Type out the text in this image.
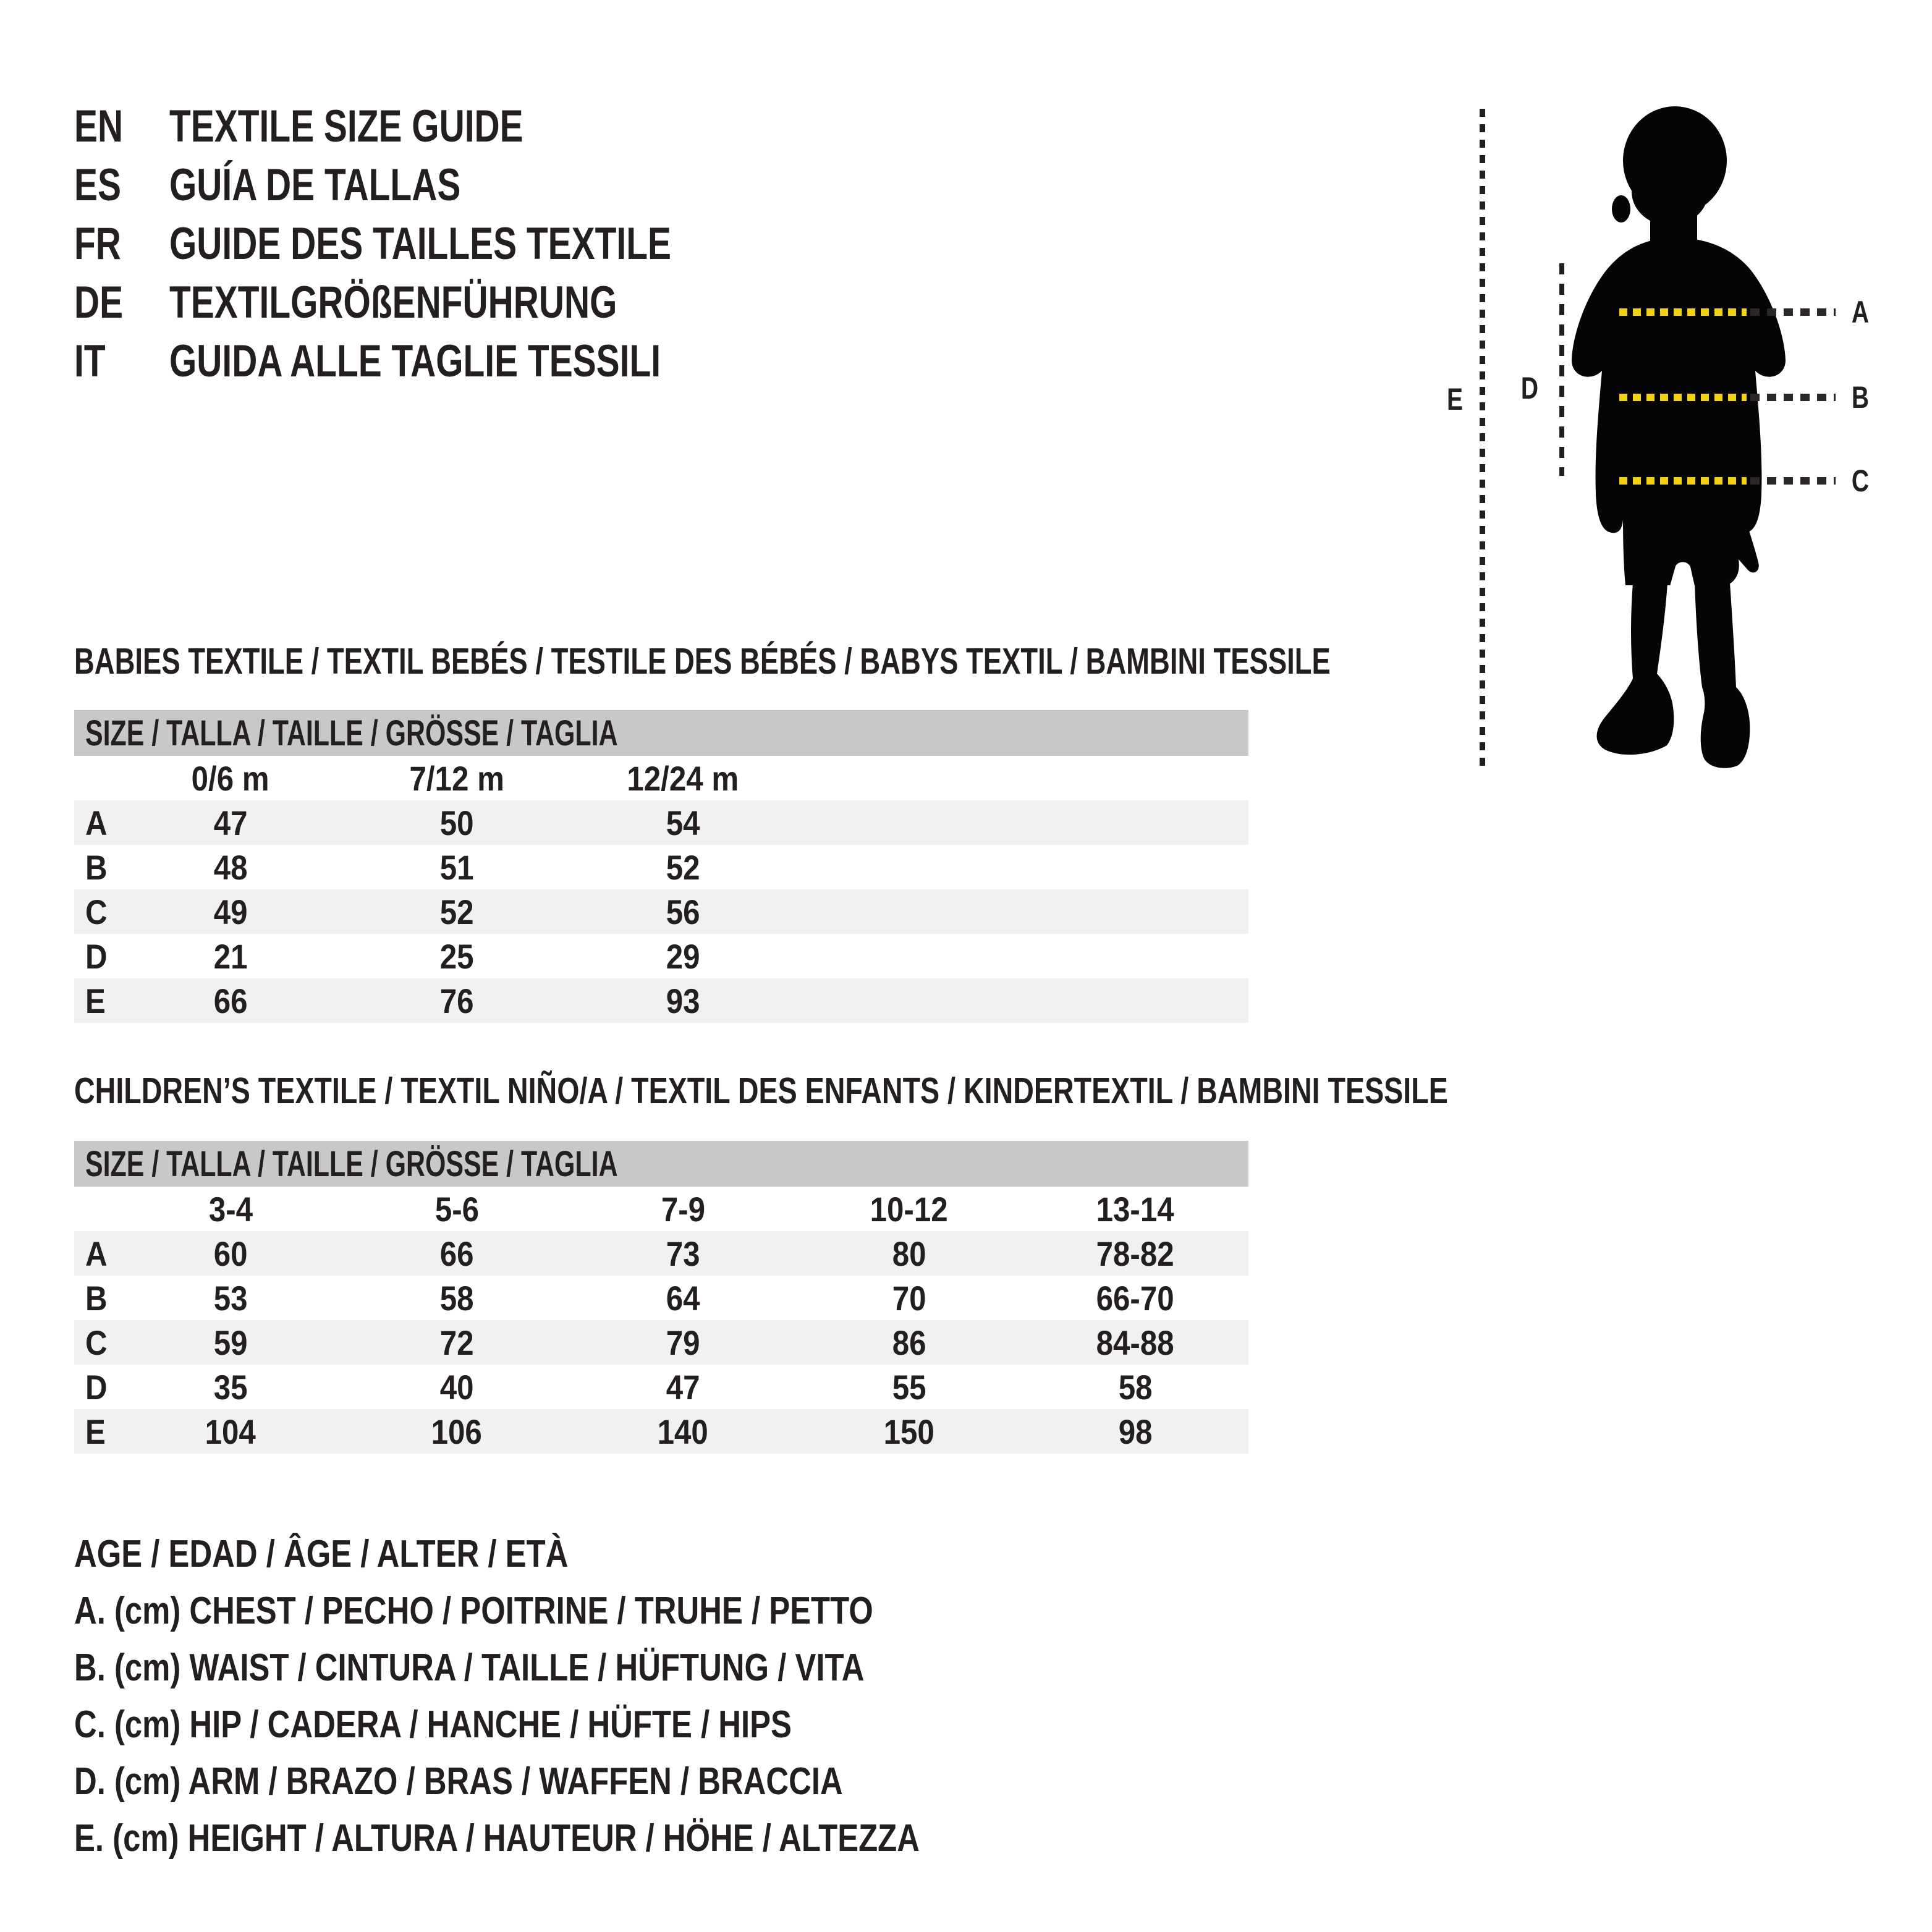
EN	TEXTILE SIZE GUIDE
ES	GUÍA DE TALLAS
FR	GUIDE DES TAILLES TEXTILE
DE	TEXTILGRÖßENFÜHRUNG
IT	GUIDA ALLE TAGLIE TESSILI
E	D
A
B
C
BABIES TEXTILE / TEXTIL BEBÉS / TESTILE DES BÉBÉS / BABYS TEXTIL / BAMBINI TESSILE
SIZE / TALLA / TAILLE / GRÖSSE / TAGLIA
0/6 m	7/12 m	12/24 m
A	47	50	54
B	48	51	52
C	49	52	56
D	21	25	29
E	66	76	93
CHILDREN’S TEXTILE / TEXTIL NIÑO/A / TEXTIL DES ENFANTS / KINDERTEXTIL / BAMBINI TESSILE
SIZE / TALLA / TAILLE / GRÖSSE / TAGLIA
3-4	5-6	7-9	10-12	13-14
A	60	66	73	80	78-82
B	53	58	64	70	66-70
C	59	72	79	86	84-88
D	35	40	47	55	58
E	104	106	140	150	98
AGE / EDAD / ÂGE / ALTER / ETÀ
A. (cm) CHEST / PECHO / POITRINE / TRUHE / PETTO
B. (cm) WAIST / CINTURA / TAILLE / HÜFTUNG / VITA
C. (cm) HIP / CADERA / HANCHE / HÜFTE / HIPS
D. (cm) ARM / BRAZO / BRAS / WAFFEN / BRACCIA
E. (cm) HEIGHT / ALTURA / HAUTEUR / HÖHE / ALTEZZA
